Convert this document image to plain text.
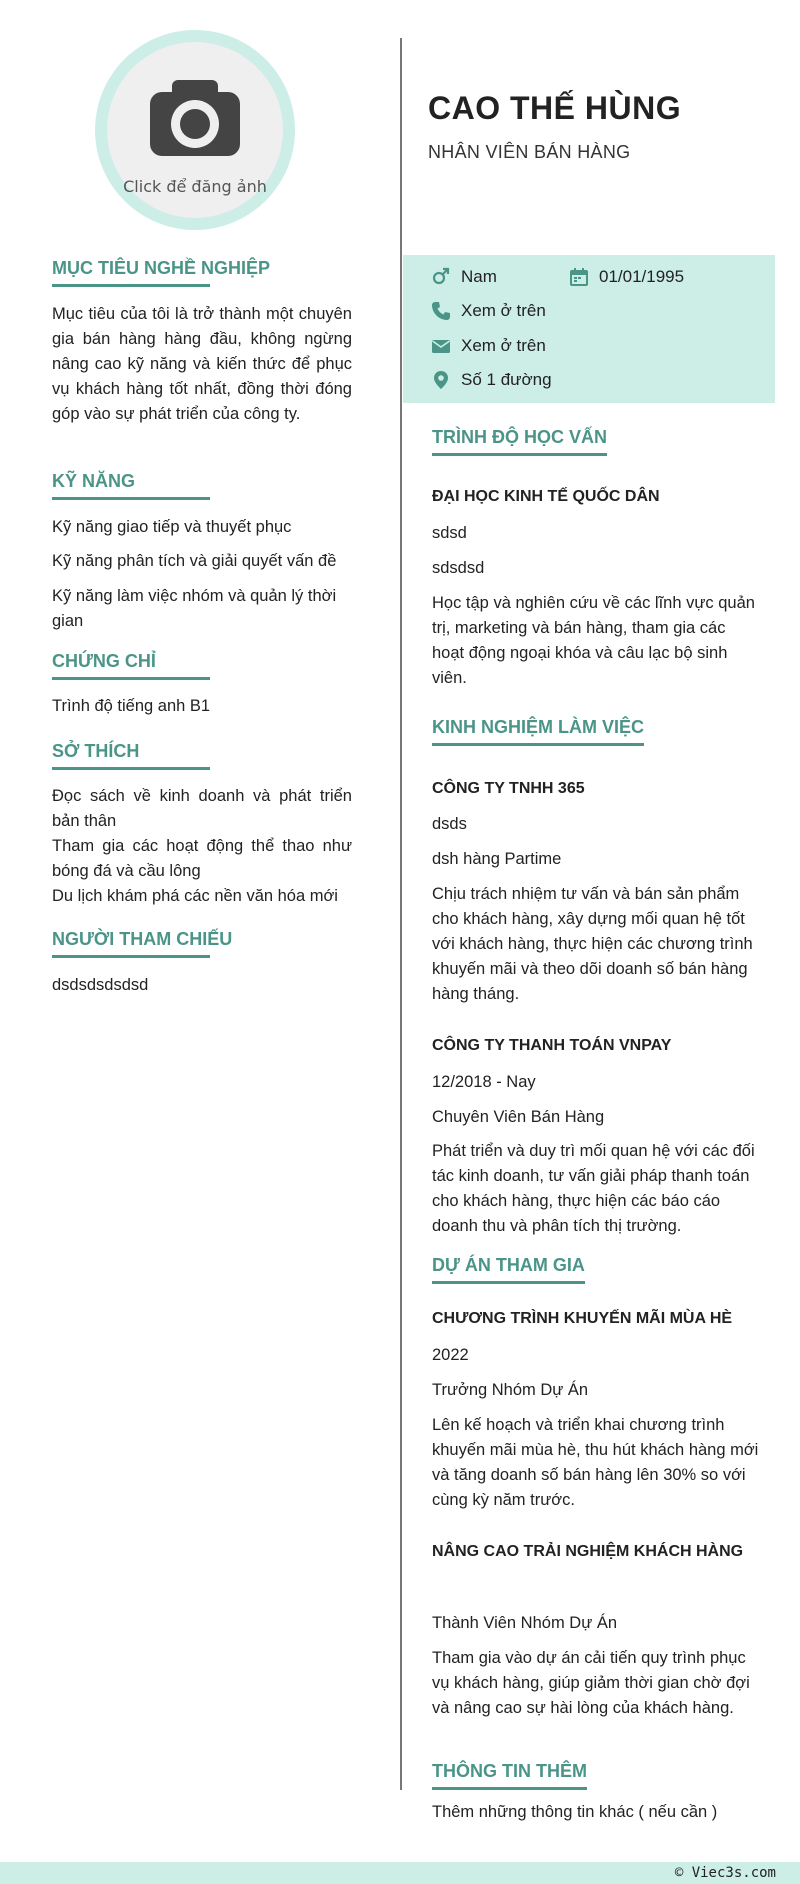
Click để đăng ảnh
CAO THẾ HÙNG
NHÂN VIÊN BÁN HÀNG
Nam	01/01/1995
Xem ở trên
Xem ở trên
Số 1 đường
MỤC TIÊU NGHỀ NGHIỆP
Mục tiêu của tôi là trở thành một chuyên gia bán hàng hàng đầu, không ngừng nâng cao kỹ năng và kiến thức để phục vụ khách hàng tốt nhất, đồng thời đóng góp vào sự phát triển của công ty.
KỸ NĂNG
Kỹ năng giao tiếp và thuyết phục
Kỹ năng phân tích và giải quyết vấn đề
Kỹ năng làm việc nhóm và quản lý thời gian
CHỨNG CHỈ
Trình độ tiếng anh B1
SỞ THÍCH
Đọc sách về kinh doanh và phát triển bản thân
Tham gia các hoạt động thể thao như bóng đá và cầu lông
Du lịch khám phá các nền văn hóa mới
NGƯỜI THAM CHIẾU
dsdsdsdsdsd
TRÌNH ĐỘ HỌC VẤN
ĐẠI HỌC KINH TẾ QUỐC DÂN
sdsd
sdsdsd
Học tập và nghiên cứu về các lĩnh vực quản trị, marketing và bán hàng, tham gia các hoạt động ngoại khóa và câu lạc bộ sinh viên.
KINH NGHIỆM LÀM VIỆC
CÔNG TY TNHH 365
dsds
dsh hàng Partime
Chịu trách nhiệm tư vấn và bán sản phẩm cho khách hàng, xây dựng mối quan hệ tốt với khách hàng, thực hiện các chương trình khuyến mãi và theo dõi doanh số bán hàng hàng tháng.
CÔNG TY THANH TOÁN VNPAY
12/2018 - Nay
Chuyên Viên Bán Hàng
Phát triển và duy trì mối quan hệ với các đối tác kinh doanh, tư vấn giải pháp thanh toán cho khách hàng, thực hiện các báo cáo doanh thu và phân tích thị trường.
DỰ ÁN THAM GIA
CHƯƠNG TRÌNH KHUYẾN MÃI MÙA HÈ
2022
Trưởng Nhóm Dự Án
Lên kế hoạch và triển khai chương trình khuyến mãi mùa hè, thu hút khách hàng mới và tăng doanh số bán hàng lên 30% so với cùng kỳ năm trước.
NÂNG CAO TRẢI NGHIỆM KHÁCH HÀNG
Thành Viên Nhóm Dự Án
Tham gia vào dự án cải tiến quy trình phục vụ khách hàng, giúp giảm thời gian chờ đợi và nâng cao sự hài lòng của khách hàng.
THÔNG TIN THÊM
Thêm những thông tin khác ( nếu cần )
© Viec3s.com
